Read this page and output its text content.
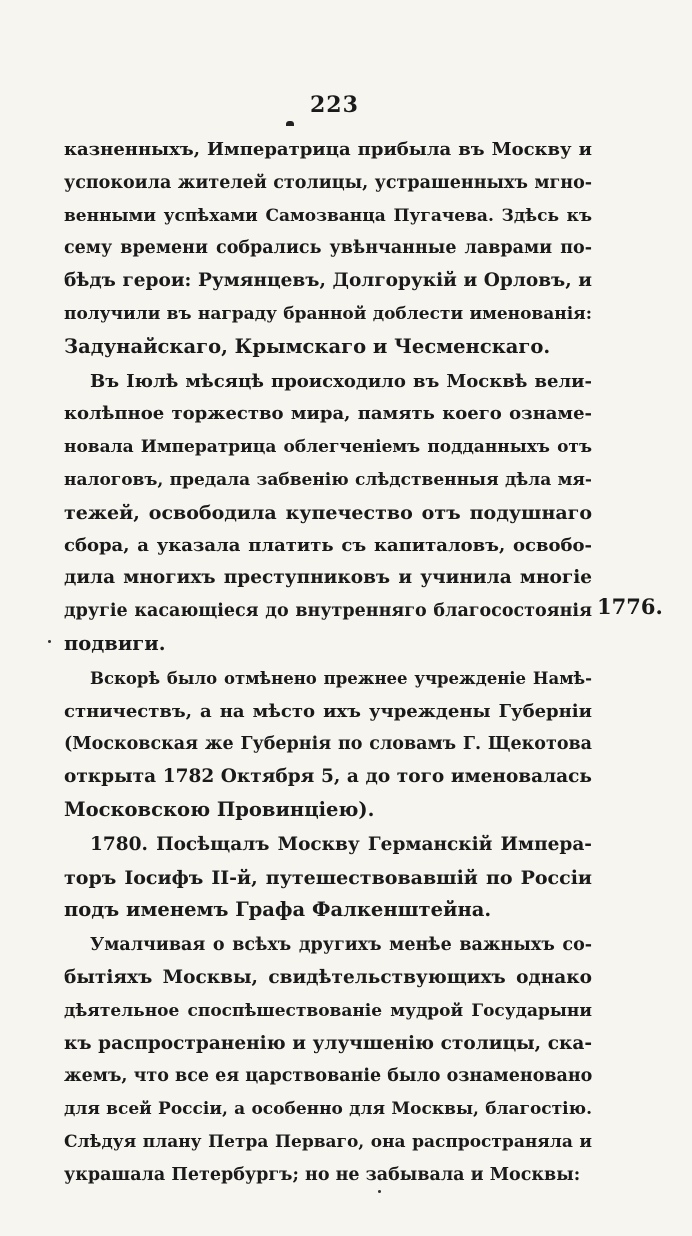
223
1776.
казненныхъ, Императрица прибыла въ Москву и
успокоила жителей столицы, устрашенныхъ мгно-
венными успѣхами Самозванца Пугачева. Здѣсь къ
сему времени собрались увѣнчанные лаврами по-
бѣдъ герои: Румянцевъ, Долгорукій и Орловъ, и
получили въ награду бранной доблести именованія:
Задунайскаго, Крымскаго и Чесменскаго.
Въ Іюлѣ мѣсяцѣ происходило въ Москвѣ вели-
колѣпное торжество мира, память коего ознаме-
новала Императрица облегченіемъ подданныхъ отъ
налоговъ, предала забвенію слѣдственныя дѣла мя-
тежей, освободила купечество отъ подушнаго
сбора, а указала платить съ капиталовъ, освобо-
дила многихъ преступниковъ и учинила многіе
другіе касающіеся до внутренняго благосостоянія
подвиги.
Вскорѣ было отмѣнено прежнее учрежденіе Намѣ-
стничествъ, а на мѣсто ихъ учреждены Губерніи
(Московская же Губернія по словамъ Г. Щекотова
открыта 1782 Октября 5, а до того именовалась
Московскою Провинціею).
1780. Посѣщалъ Москву Германскій Импера-
торъ Іосифъ II-й, путешествовавшій по Россіи
подъ именемъ Графа Фалкенштейна.
Умалчивая о всѣхъ другихъ менѣе важныхъ со-
бытіяхъ Москвы, свидѣтельствующихъ однако
дѣятельное споспѣшествованіе мудрой Государыни
къ распространенію и улучшенію столицы, ска-
жемъ, что все ея царствованіе было ознаменовано
для всей Россіи, а особенно для Москвы, благостію.
Слѣдуя плану Петра Перваго, она распространяла и
украшала Петербургъ; но не забывала и Москвы:
